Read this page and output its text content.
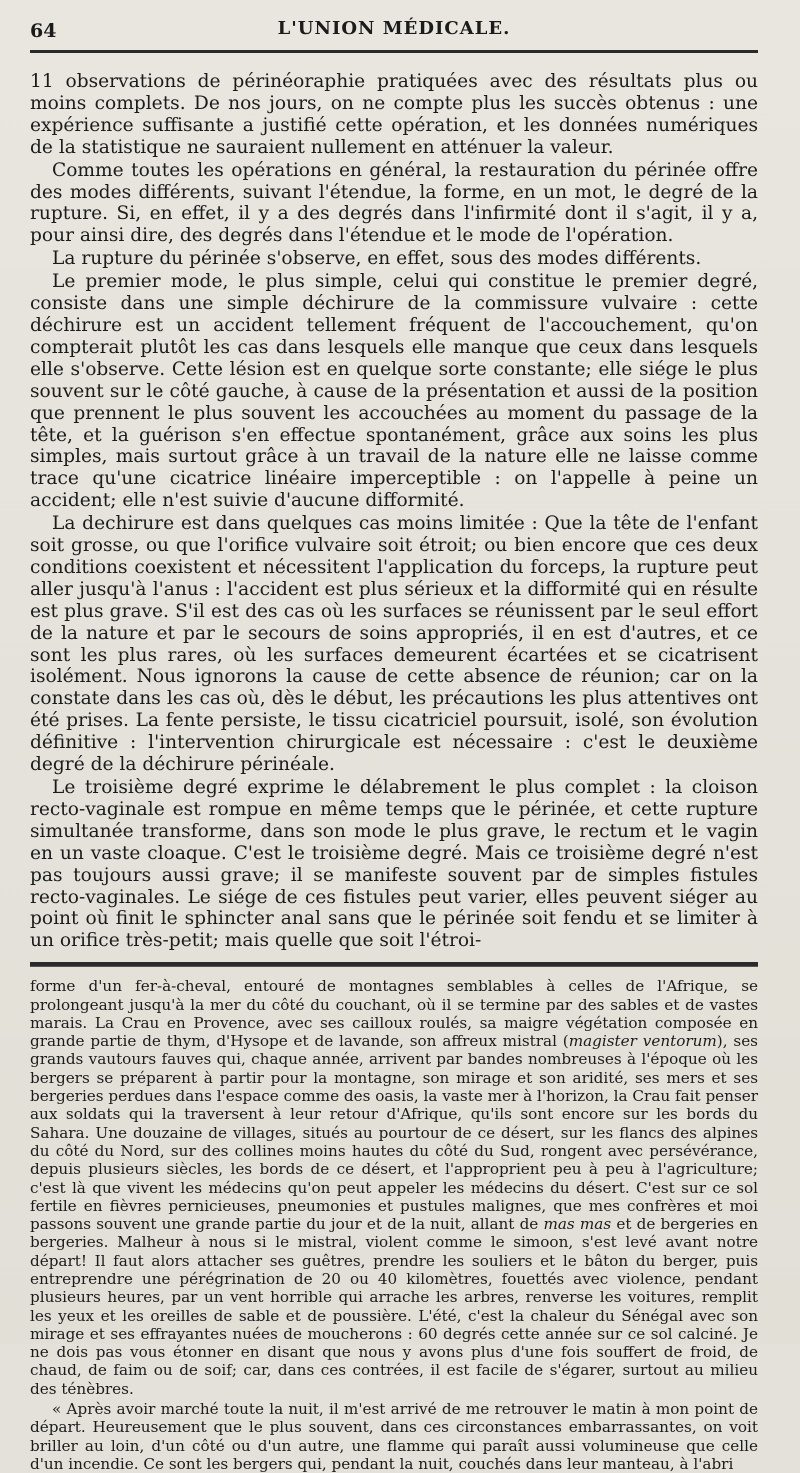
64	L'UNION MÉDICALE.

11 observations de périnéoraphie pratiquées avec des résultats plus ou moins complets. De nos jours, on ne compte plus les succès obtenus : une expérience suffisante a justifié cette opération, et les données numériques de la statistique ne sauraient nullement en atténuer la valeur.

Comme toutes les opérations en général, la restauration du périnée offre des modes différents, suivant l'étendue, la forme, en un mot, le degré de la rupture. Si, en effet, il y a des degrés dans l'infirmité dont il s'agit, il y a, pour ainsi dire, des degrés dans l'étendue et le mode de l'opération.

La rupture du périnée s'observe, en effet, sous des modes différents.

Le premier mode, le plus simple, celui qui constitue le premier degré, consiste dans une simple déchirure de la commissure vulvaire : cette déchirure est un accident tellement fréquent de l'accouchement, qu'on compterait plutôt les cas dans lesquels elle manque que ceux dans lesquels elle s'observe. Cette lésion est en quelque sorte constante; elle siége le plus souvent sur le côté gauche, à cause de la présentation et aussi de la position que prennent le plus souvent les accouchées au moment du passage de la tête, et la guérison s'en effectue spontanément, grâce aux soins les plus simples, mais surtout grâce à un travail de la nature elle ne laisse comme trace qu'une cicatrice linéaire imperceptible : on l'appelle à peine un accident; elle n'est suivie d'aucune difformité.

La dechirure est dans quelques cas moins limitée : Que la tête de l'enfant soit grosse, ou que l'orifice vulvaire soit étroit; ou bien encore que ces deux conditions coexistent et nécessitent l'application du forceps, la rupture peut aller jusqu'à l'anus : l'accident est plus sérieux et la difformité qui en résulte est plus grave. S'il est des cas où les surfaces se réunissent par le seul effort de la nature et par le secours de soins appropriés, il en est d'autres, et ce sont les plus rares, où les surfaces demeurent écartées et se cicatrisent isolément. Nous ignorons la cause de cette absence de réunion; car on la constate dans les cas où, dès le début, les précautions les plus attentives ont été prises. La fente persiste, le tissu cicatriciel poursuit, isolé, son évolution définitive : l'intervention chirurgicale est nécessaire : c'est le deuxième degré de la déchirure périnéale.

Le troisième degré exprime le délabrement le plus complet : la cloison recto-vaginale est rompue en même temps que le périnée, et cette rupture simultanée transforme, dans son mode le plus grave, le rectum et le vagin en un vaste cloaque. C'est le troisième degré. Mais ce troisième degré n'est pas toujours aussi grave; il se manifeste souvent par de simples fistules recto-vaginales. Le siége de ces fistules peut varier, elles peuvent siéger au point où finit le sphincter anal sans que le périnée soit fendu et se limiter à un orifice très-petit; mais quelle que soit l'étroi-

forme d'un fer-à-cheval, entouré de montagnes semblables à celles de l'Afrique, se prolongeant jusqu'à la mer du côté du couchant, où il se termine par des sables et de vastes marais. La Crau en Provence, avec ses cailloux roulés, sa maigre végétation composée en grande partie de thym, d'Hysope et de lavande, son affreux mistral (magister ventorum), ses grands vautours fauves qui, chaque année, arrivent par bandes nombreuses à l'époque où les bergers se préparent à partir pour la montagne, son mirage et son aridité, ses mers et ses bergeries perdues dans l'espace comme des oasis, la vaste mer à l'horizon, la Crau fait penser aux soldats qui la traversent à leur retour d'Afrique, qu'ils sont encore sur les bords du Sahara. Une douzaine de villages, situés au pourtour de ce désert, sur les flancs des alpines du côté du Nord, sur des collines moins hautes du côté du Sud, rongent avec persévérance, depuis plusieurs siècles, les bords de ce désert, et l'approprient peu à peu à l'agriculture; c'est là que vivent les médecins qu'on peut appeler les médecins du désert. C'est sur ce sol fertile en fièvres pernicieuses, pneumonies et pustules malignes, que mes confrères et moi passons souvent une grande partie du jour et de la nuit, allant de mas mas et de bergeries en bergeries. Malheur à nous si le mistral, violent comme le simoon, s'est levé avant notre départ! Il faut alors attacher ses guêtres, prendre les souliers et le bâton du berger, puis entreprendre une pérégrination de 20 ou 40 kilomètres, fouettés avec violence, pendant plusieurs heures, par un vent horrible qui arrache les arbres, renverse les voitures, remplit les yeux et les oreilles de sable et de poussière. L'été, c'est la chaleur du Sénégal avec son mirage et ses effrayantes nuées de moucherons : 60 degrés cette année sur ce sol calciné. Je ne dois pas vous étonner en disant que nous y avons plus d'une fois souffert de froid, de chaud, de faim ou de soif; car, dans ces contrées, il est facile de s'égarer, surtout au milieu des ténèbres.

« Après avoir marché toute la nuit, il m'est arrivé de me retrouver le matin à mon point de départ. Heureusement que le plus souvent, dans ces circonstances embarrassantes, on voit briller au loin, d'un côté ou d'un autre, une flamme qui paraît aussi volumineuse que celle d'un incendie. Ce sont les bergers qui, pendant la nuit, couchés dans leur manteau, à l'abri
